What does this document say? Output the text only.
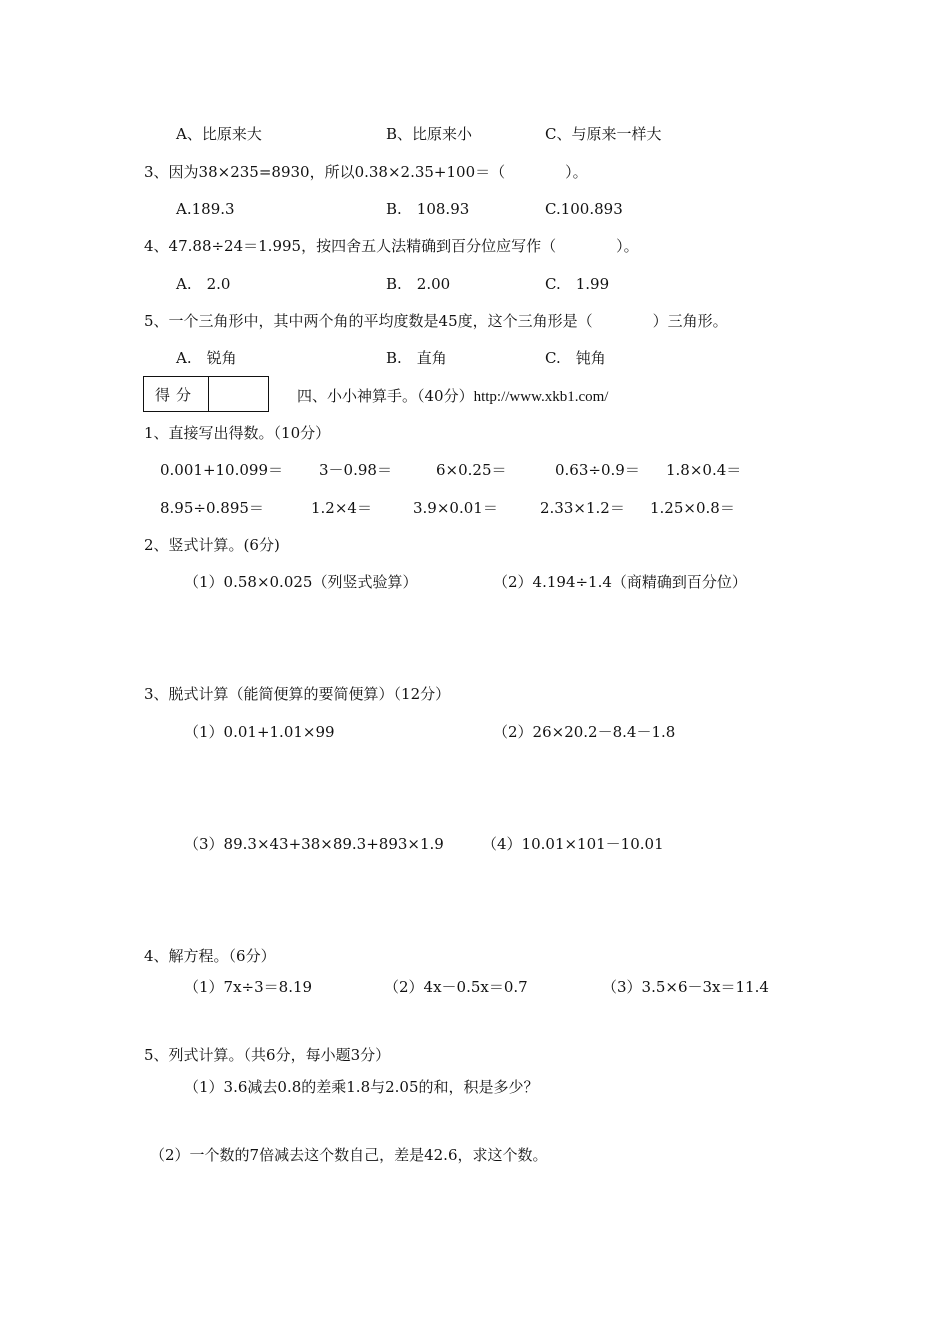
A、比原来大	B、比原来小	C、与原来一样大
3、因为38×235=8930，所以0.38×2.35+100＝（　　　　）。
A.189.3	B.　108.93	C.100.893
4、47.88÷24＝1.995，按四舍五人法精确到百分位应写作（　　　　）。
A.　2.0	B.　2.00	C.　1.99
5、一个三角形中，其中两个角的平均度数是45度，这个三角形是（　　　　）三角形。
A.　锐角	B.　直角	C.　钝角
得分	四、小小神算手。（40分）http://www.xkb1.com/
1、直接写出得数。（10分）
0.001+10.099＝ 3－0.98＝	6×0.25＝	0.63÷0.9＝ 1.8×0.4＝
8.95÷0.895＝	1.2×4＝	3.9×0.01＝	2.33×1.2＝ 1.25×0.8＝
2、竖式计算。(6分)
（1）0.58×0.025（列竖式验算）	（2）4.194÷1.4（商精确到百分位）
3、脱式计算（能简便算的要简便算）（12分）
（1）0.01+1.01×99	（2）26×20.2－8.4－1.8
（3）89.3×43+38×89.3+893×1.9	（4）10.01×101－10.01
4、解方程。（6分）
（1）7x÷3＝8.19	（2）4x－0.5x＝0.7	（3）3.5×6－3x＝11.4
5、列式计算。（共6分，每小题3分）
（1）3.6减去0.8的差乘1.8与2.05的和，积是多少？
（2）一个数的7倍减去这个数自己，差是42.6，求这个数。
